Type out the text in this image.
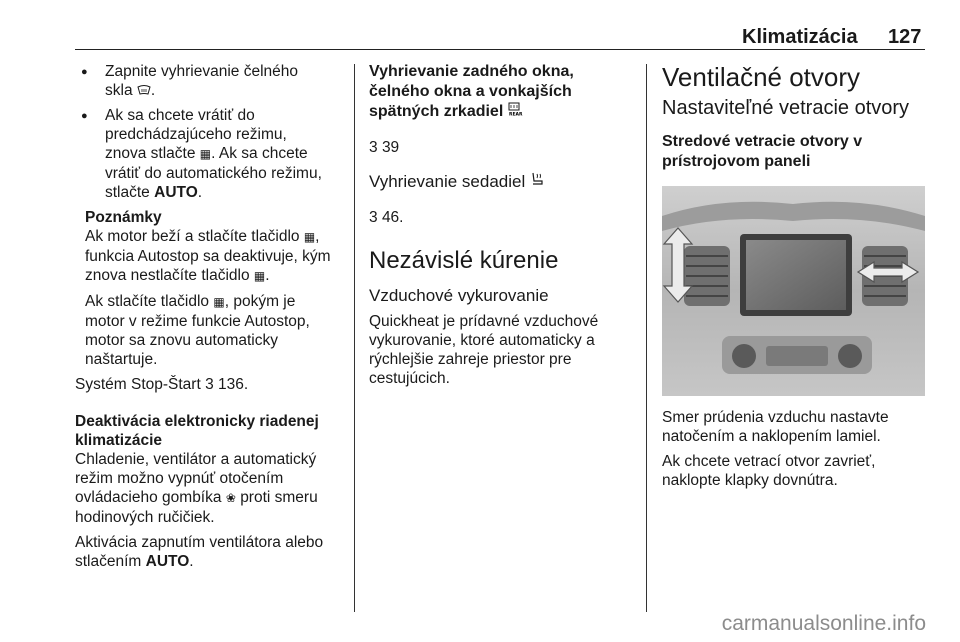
Klimatizácia 127
●
Zapnite vyhrievanie čelného
skla .
●
Ak sa chcete vrátiť do
predchádzajúceho režimu,
znova stlačte ▦. Ak sa chcete
vrátiť do automatického režimu,
stlačte AUTO.

Poznámky

Ak motor beží a stlačíte tlačidlo ▦,
funkcia Autostop sa deaktivuje, kým
znova nestlačíte tlačidlo ▦.

Ak stlačíte tlačidlo ▦, pokým je
motor v režime funkcie Autostop,
motor sa znovu automaticky
naštartuje.

Systém Stop-Štart 3 136.

Deaktivácia elektronicky riadenej
klimatizácie

Chladenie, ventilátor a automatický
režim možno vypnúť otočením
ovládacieho gombíka ❀ proti smeru
hodinových ručičiek.

Aktivácia zapnutím ventilátora alebo
stlačením AUTO.

Vyhrievanie zadného okna,
čelného okna a vonkajších
spätných zrkadiel REAR

3 39

Vyhrievanie sedadiel

3 46.

Nezávislé kúrenie

Vzduchové vykurovanie

Quickheat je prídavné vzduchové
vykurovanie, ktoré automaticky a
rýchlejšie zahreje priestor pre
cestujúcich.

Ventilačné otvory

Nastaviteľné vetracie otvory

Stredové vetracie otvory v
prístrojovom paneli

Smer prúdenia vzduchu nastavte
natočením a naklopením lamiel.

Ak chcete vetrací otvor zavrieť,
naklopte klapky dovnútra.

carmanualsonline.info
